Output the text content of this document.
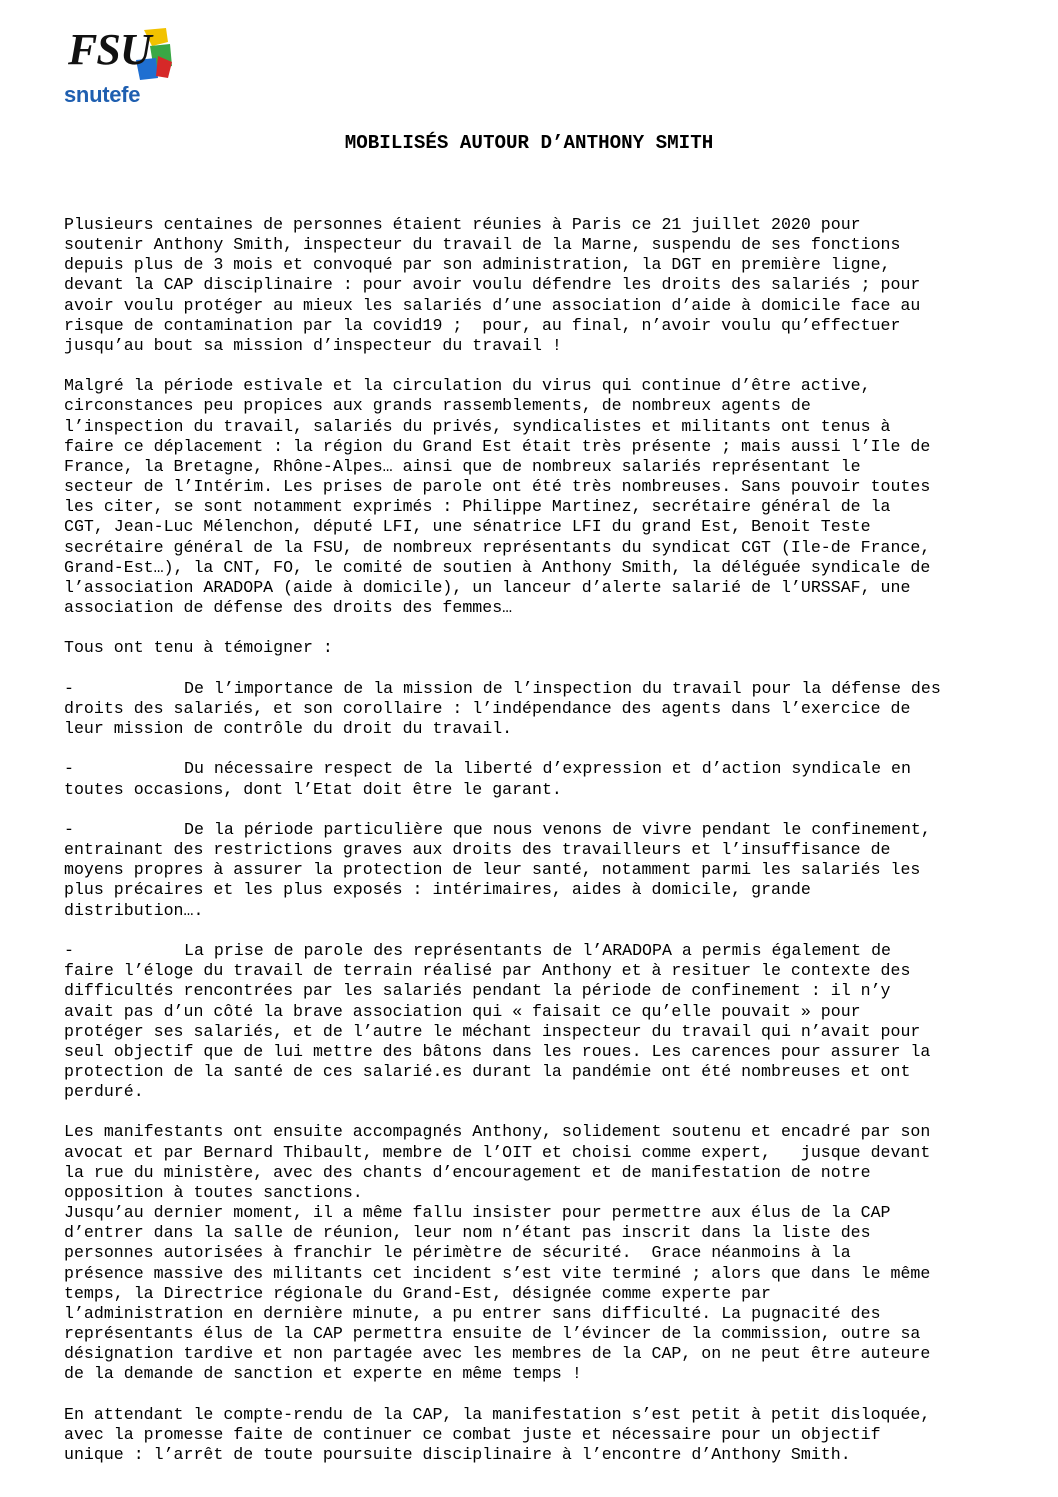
FSU
snutefe
MOBILISÉS AUTOUR D’ANTHONY SMITH
Plusieurs centaines de personnes étaient réunies à Paris ce 21 juillet 2020 pour
soutenir Anthony Smith, inspecteur du travail de la Marne, suspendu de ses fonctions
depuis plus de 3 mois et convoqué par son administration, la DGT en première ligne,
devant la CAP disciplinaire : pour avoir voulu défendre les droits des salariés ; pour
avoir voulu protéger au mieux les salariés d’une association d’aide à domicile face au
risque de contamination par la covid19 ;  pour, au final, n’avoir voulu qu’effectuer
jusqu’au bout sa mission d’inspecteur du travail !
Malgré la période estivale et la circulation du virus qui continue d’être active,
circonstances peu propices aux grands rassemblements, de nombreux agents de
l’inspection du travail, salariés du privés, syndicalistes et militants ont tenus à
faire ce déplacement : la région du Grand Est était très présente ; mais aussi l’Ile de
France, la Bretagne, Rhône-Alpes… ainsi que de nombreux salariés représentant le
secteur de l’Intérim. Les prises de parole ont été très nombreuses. Sans pouvoir toutes
les citer, se sont notamment exprimés : Philippe Martinez, secrétaire général de la
CGT, Jean-Luc Mélenchon, député LFI, une sénatrice LFI du grand Est, Benoit Teste
secrétaire général de la FSU, de nombreux représentants du syndicat CGT (Ile-de France,
Grand-Est…), la CNT, FO, le comité de soutien à Anthony Smith, la déléguée syndicale de
l’association ARADOPA (aide à domicile), un lanceur d’alerte salarié de l’URSSAF, une
association de défense des droits des femmes…
Tous ont tenu à témoigner :
-	De l’importance de la mission de l’inspection du travail pour la défense des
droits des salariés, et son corollaire : l’indépendance des agents dans l’exercice de
leur mission de contrôle du droit du travail.
-	Du nécessaire respect de la liberté d’expression et d’action syndicale en
toutes occasions, dont l’Etat doit être le garant.
-	De la période particulière que nous venons de vivre pendant le confinement,
entrainant des restrictions graves aux droits des travailleurs et l’insuffisance de
moyens propres à assurer la protection de leur santé, notamment parmi les salariés les
plus précaires et les plus exposés : intérimaires, aides à domicile, grande
distribution….
-	La prise de parole des représentants de l’ARADOPA a permis également de
faire l’éloge du travail de terrain réalisé par Anthony et à resituer le contexte des
difficultés rencontrées par les salariés pendant la période de confinement : il n’y
avait pas d’un côté la brave association qui « faisait ce qu’elle pouvait » pour
protéger ses salariés, et de l’autre le méchant inspecteur du travail qui n’avait pour
seul objectif que de lui mettre des bâtons dans les roues. Les carences pour assurer la
protection de la santé de ces salarié.es durant la pandémie ont été nombreuses et ont
perduré.
Les manifestants ont ensuite accompagnés Anthony, solidement soutenu et encadré par son
avocat et par Bernard Thibault, membre de l’OIT et choisi comme expert,   jusque devant
la rue du ministère, avec des chants d’encouragement et de manifestation de notre
opposition à toutes sanctions.
Jusqu’au dernier moment, il a même fallu insister pour permettre aux élus de la CAP
d’entrer dans la salle de réunion, leur nom n’étant pas inscrit dans la liste des
personnes autorisées à franchir le périmètre de sécurité.  Grace néanmoins à la
présence massive des militants cet incident s’est vite terminé ; alors que dans le même
temps, la Directrice régionale du Grand-Est, désignée comme experte par
l’administration en dernière minute, a pu entrer sans difficulté. La pugnacité des
représentants élus de la CAP permettra ensuite de l’évincer de la commission, outre sa
désignation tardive et non partagée avec les membres de la CAP, on ne peut être auteure
de la demande de sanction et experte en même temps !
En attendant le compte-rendu de la CAP, la manifestation s’est petit à petit disloquée,
avec la promesse faite de continuer ce combat juste et nécessaire pour un objectif
unique : l’arrêt de toute poursuite disciplinaire à l’encontre d’Anthony Smith.
